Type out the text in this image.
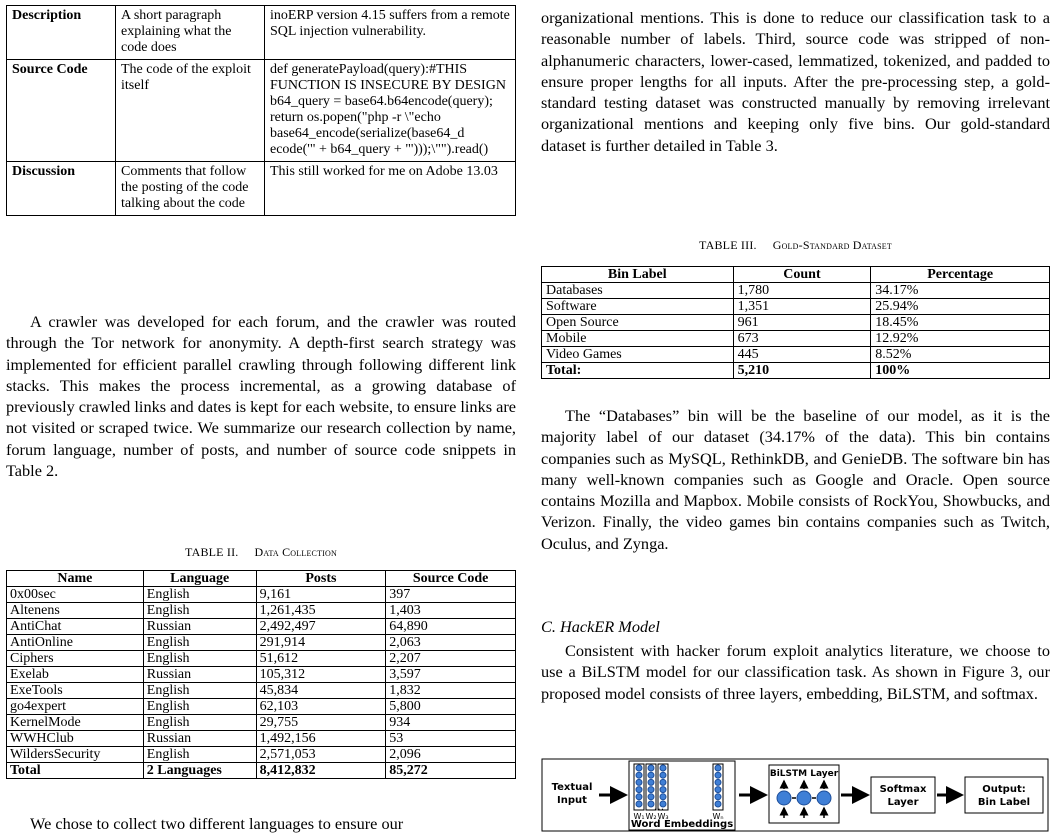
Description	A short paragraph explaining what the code does	inoERP version 4.15 suffers from a remote SQL injection vulnerability.
Source Code	The code of the exploit itself	def generatePayload(query):#THIS FUNCTION IS INSECURE BY DESIGN b64_query = base64.b64encode(query); return os.popen("php -r \"echo base64_encode(serialize(base64_d ecode('" + b64_query + "')));\"").read()
Discussion	Comments that follow the posting of the code talking about the code	This still worked for me on Adobe 13.03

A crawler was developed for each forum, and the crawler was routed through the Tor network for anonymity. A depth-first search strategy was implemented for efficient parallel crawling through following different link stacks. This makes the process incremental, as a growing database of previously crawled links and dates is kept for each website, to ensure links are not visited or scraped twice. We summarize our research collection by name, forum language, number of posts, and number of source code snippets in Table 2.

TABLE II. Data Collection
Name	Language	Posts	Source Code
0x00sec	English	9,161	397
Altenens	English	1,261,435	1,403
AntiChat	Russian	2,492,497	64,890
AntiOnline	English	291,914	2,063
Ciphers	English	51,612	2,207
Exelab	Russian	105,312	3,597
ExeTools	English	45,834	1,832
go4expert	English	62,103	5,800
KernelMode	English	29,755	934
WWHClub	Russian	1,492,156	53
WildersSecurity	English	2,571,053	2,096
Total	2 Languages	8,412,832	85,272

We chose to collect two different languages to ensure our

organizational mentions. This is done to reduce our classification task to a reasonable number of labels. Third, source code was stripped of non-alphanumeric characters, lower-cased, lemmatized, tokenized, and padded to ensure proper lengths for all inputs. After the pre-processing step, a gold-standard testing dataset was constructed manually by removing irrelevant organizational mentions and keeping only five bins. Our gold-standard dataset is further detailed in Table 3.

TABLE III. Gold-Standard Dataset
Bin Label	Count	Percentage
Databases	1,780	34.17%
Software	1,351	25.94%
Open Source	961	18.45%
Mobile	673	12.92%
Video Games	445	8.52%
Total:	5,210	100%

The “Databases” bin will be the baseline of our model, as it is the majority label of our dataset (34.17% of the data). This bin contains companies such as MySQL, RethinkDB, and GenieDB. The software bin has many well-known companies such as Google and Oracle. Open source contains Mozilla and Mapbox. Mobile consists of RockYou, Showbucks, and Verizon. Finally, the video games bin contains companies such as Twitch, Oculus, and Zynga.

C. HackER Model

Consistent with hacker forum exploit analytics literature, we choose to use a BiLSTM model for our classification task. As shown in Figure 3, our proposed model consists of three layers, embedding, BiLSTM, and softmax.

Textual
Input
W₁ W₂ W₃	Wₙ
...
Word Embeddings
BiLSTM Layer
Softmax
Layer
Output:
Bin Label
